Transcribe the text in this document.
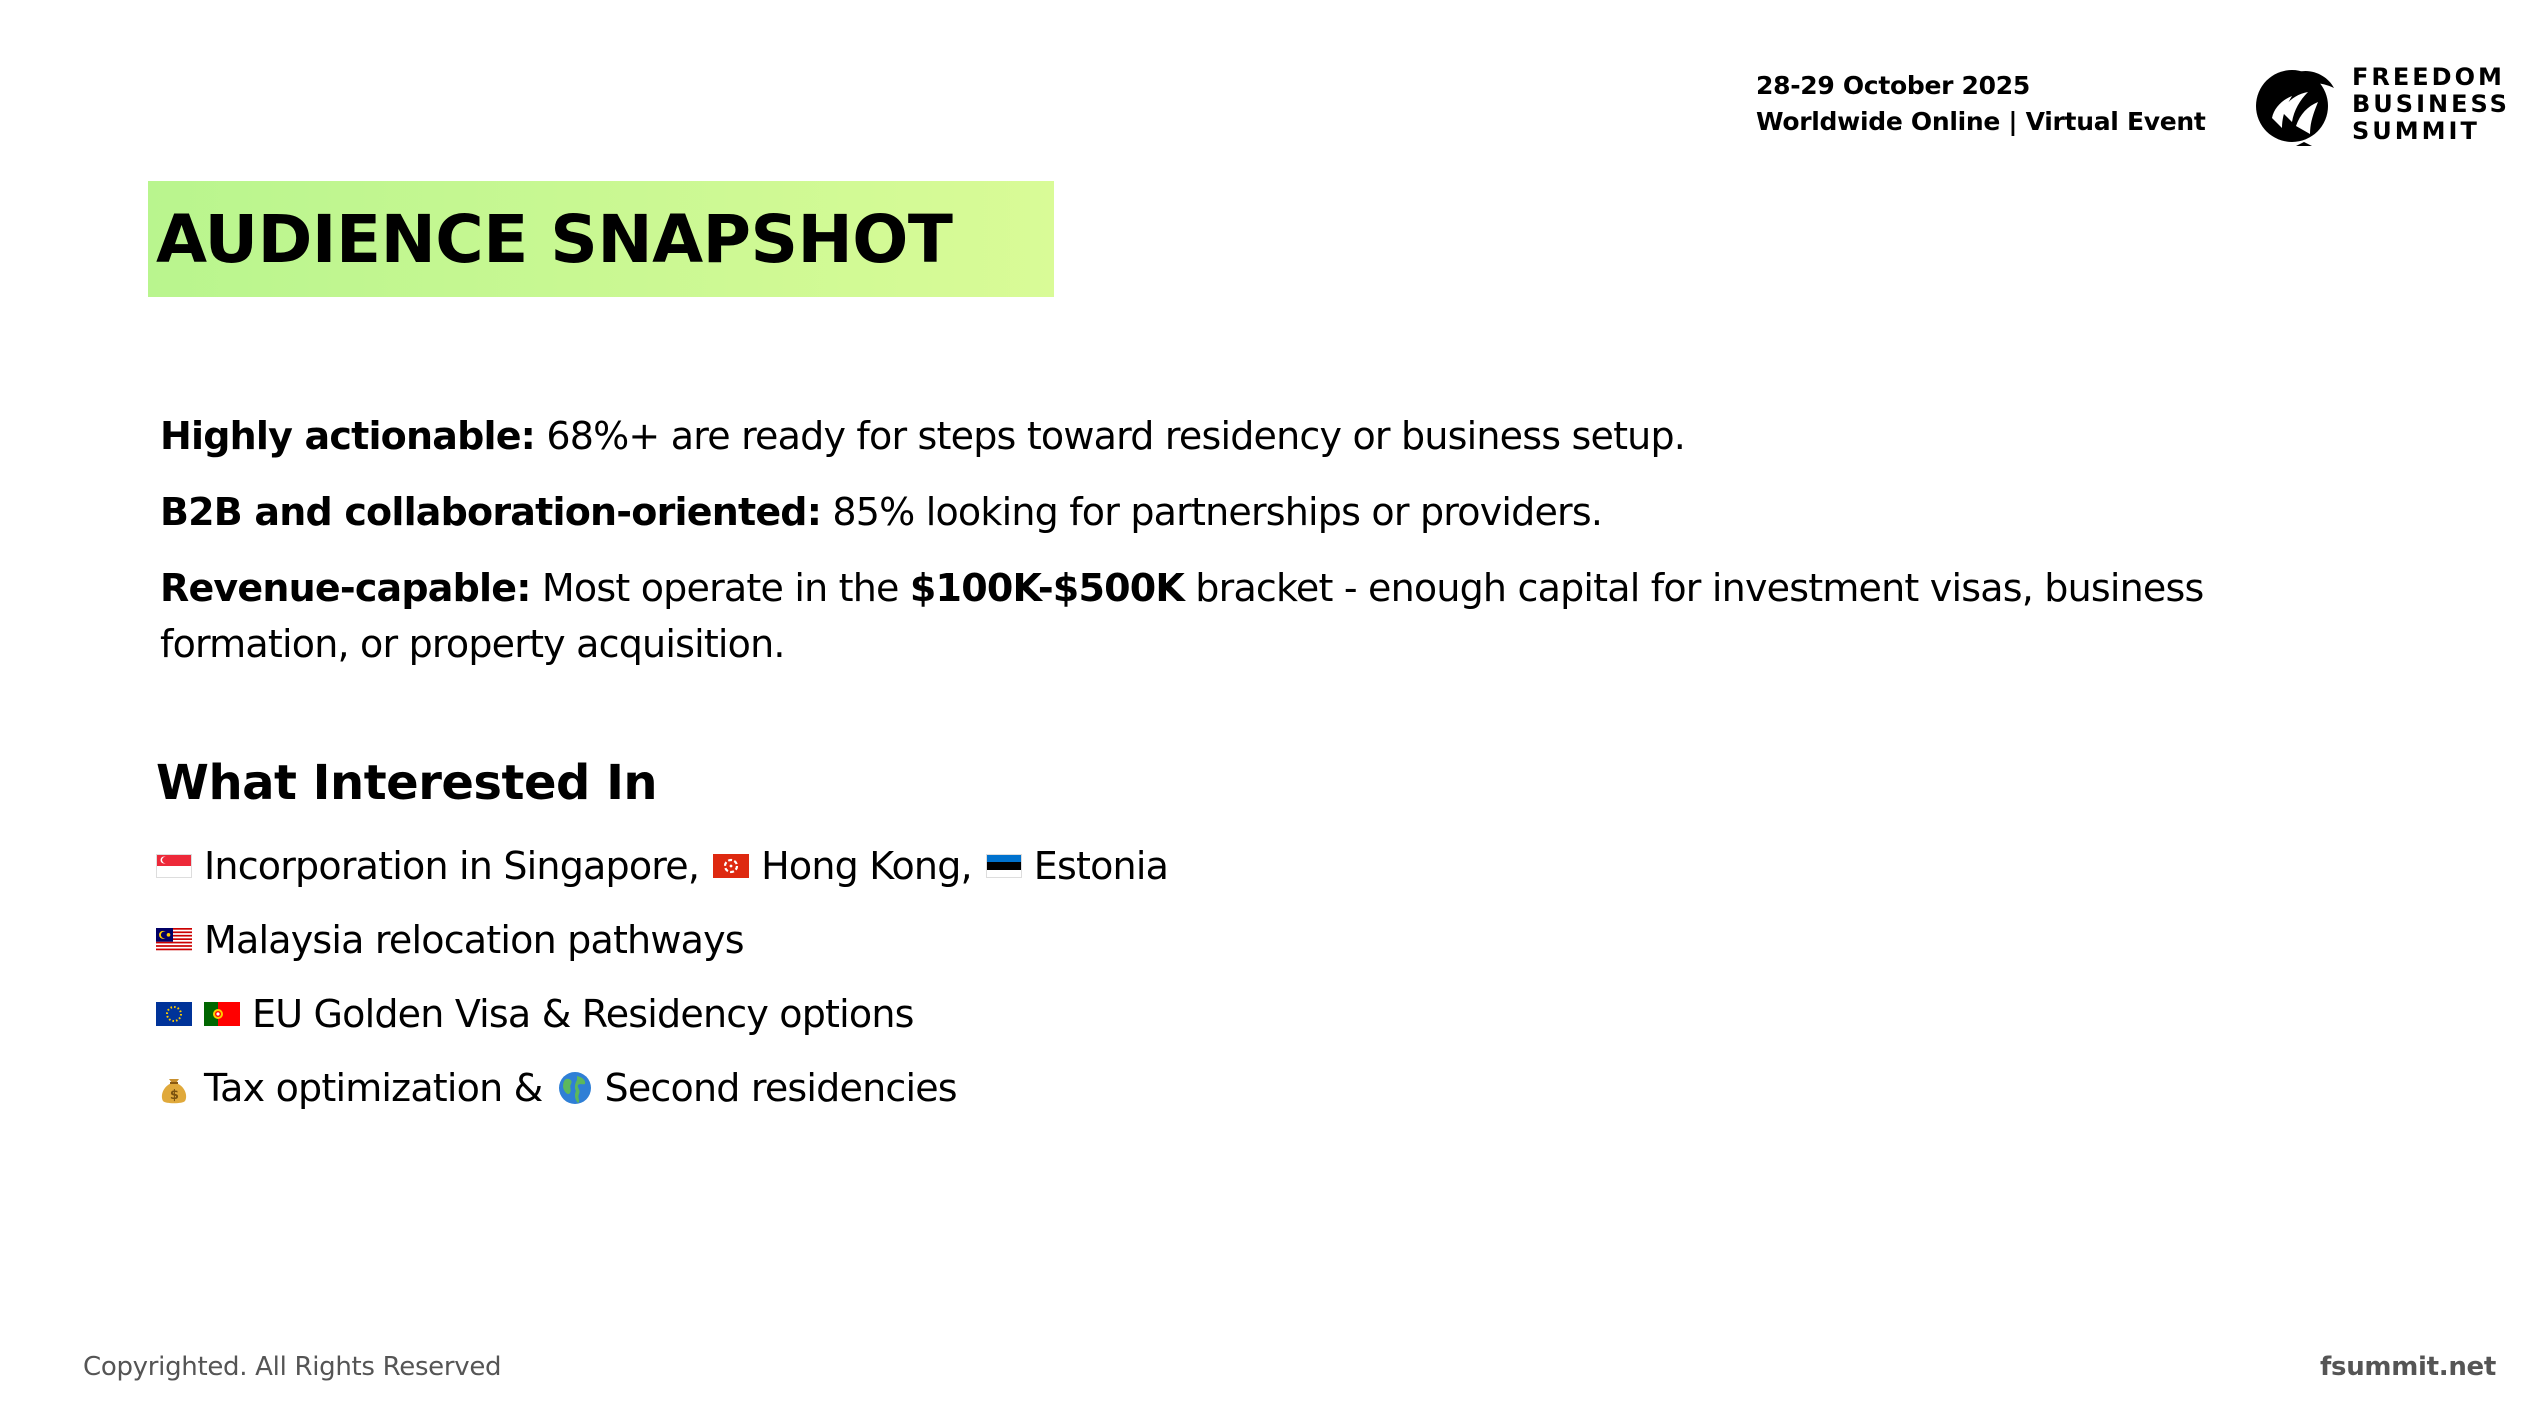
28-29 October 2025
Worldwide Online | Virtual Event
FREEDOM
BUSINESS
SUMMIT
AUDIENCE SNAPSHOT

Highly actionable: 68%+ are ready for steps toward residency or business setup.

B2B and collaboration-oriented: 85% looking for partnerships or providers.

Revenue-capable: Most operate in the $100K-$500K bracket - enough capital for investment visas, business formation, or property acquisition.

What Interested In
Incorporation in Singapore, Hong Kong, Estonia
Malaysia relocation pathways
EU Golden Visa & Residency options
$ Tax optimization & Second residencies
Copyrighted. All Rights Reserved	fsummit.net
